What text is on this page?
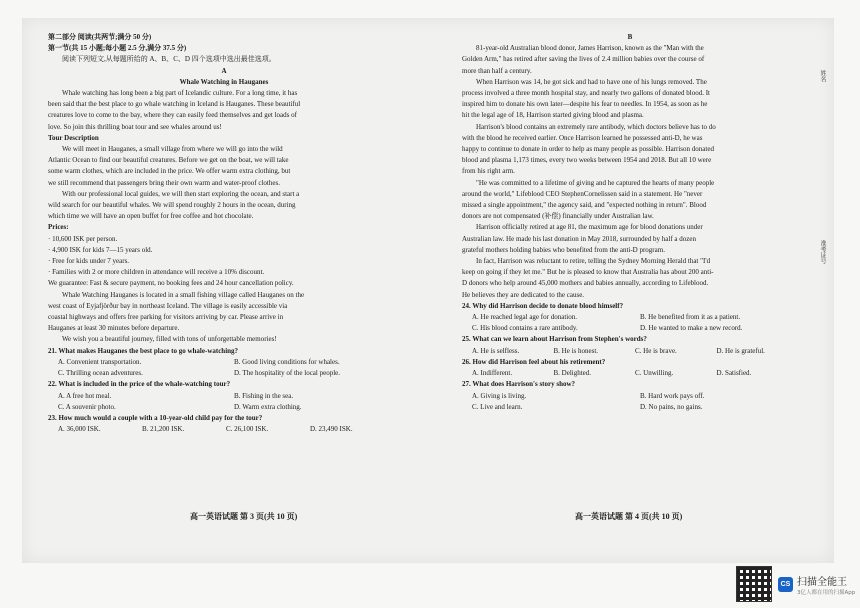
第二部分 阅读(共两节;满分 50 分)
第一节(共 15 小题;每小题 2.5 分,满分 37.5 分)
阅读下列短文,从每题所给的 A、B、C、D 四个选项中选出最佳选项。
A
Whale Watching in Hauganes
Whale watching has long been a big part of Icelandic culture. For a long time, it has
been said that the best place to go whale watching in Iceland is Hauganes. These beautiful
creatures love to come to the bay, where they can easily feed themselves and get loads of
love. So join this thrilling boat tour and see whales around us!
Tour Description
We will meet in Hauganes, a small village from where we will go into the wild
Atlantic Ocean to find our beautiful creatures. Before we get on the boat, we will take
some warm clothes, which are included in the price. We offer warm extra clothing, but
we still recommend that passengers bring their own warm and water-proof clothes.
With our professional local guides, we will then start exploring the ocean, and start a
wild search for our beautiful whales. We will spend roughly 2 hours in the ocean, during
which time we will have an open buffet for free coffee and hot chocolate.
Prices:
· 10,600 ISK per person.
· 4,900 ISK for kids 7—15 years old.
· Free for kids under 7 years.
· Families with 2 or more children in attendance will receive a 10% discount.
We guarantee: Fast & secure payment, no booking fees and 24 hour cancellation policy.
Whale Watching Hauganes is located in a small fishing village called Hauganes on the
west coast of Eyjafjörður bay in northeast Iceland. The village is easily accessible via
coastal highways and offers free parking for visitors arriving by car. Please arrive in
Hauganes at least 30 minutes before departure.
We wish you a beautiful journey, filled with tons of unforgettable memories!
21. What makes Hauganes the best place to go whale-watching?
A. Convenient transportation.	B. Good living conditions for whales.
C. Thrilling ocean adventures.	D. The hospitality of the local people.
22. What is included in the price of the whale-watching tour?
A. A free hot meal.	B. Fishing in the sea.
C. A souvenir photo.	D. Warm extra clothing.
23. How much would a couple with a 10-year-old child pay for the tour?
A. 36,000 ISK.	B. 21,200 ISK.	C. 26,100 ISK.	D. 23,490 ISK.
B
81-year-old Australian blood donor, James Harrison, known as the "Man with the
Golden Arm," has retired after saving the lives of 2.4 million babies over the course of
more than half a century.
When Harrison was 14, he got sick and had to have one of his lungs removed. The
process involved a three month hospital stay, and nearly two gallons of donated blood. It
inspired him to donate his own later—despite his fear to needles. In 1954, as soon as he
hit the legal age of 18, Harrison started giving blood and plasma.
Harrison's blood contains an extremely rare antibody, which doctors believe has to do
with the blood he received earlier. Once Harrison learned he possessed anti-D, he was
happy to continue to donate in order to help as many people as possible. Harrison donated
blood and plasma 1,173 times, every two weeks between 1954 and 2018. But all 10 were
from his right arm.
"He was committed to a lifetime of giving and he captured the hearts of many people
around the world," Lifeblood CEO StephenCornelissen said in a statement. He "never
missed a single appointment," the agency said, and "expected nothing in return". Blood
donors are not compensated (补偿) financially under Australian law.
Harrison officially retired at age 81, the maximum age for blood donations under
Australian law. He made his last donation in May 2018, surrounded by half a dozen
grateful mothers holding babies who benefited from the anti-D program.
In fact, Harrison was reluctant to retire, telling the Sydney Morning Herald that "I'd
keep on going if they let me." But he is pleased to know that Australia has about 200 anti-
D donors who help around 45,000 mothers and babies annually, according to Lifeblood.
He believes they are dedicated to the cause.
24. Why did Harrison decide to donate blood himself?
A. He reached legal age for donation.	B. He benefited from it as a patient.
C. His blood contains a rare antibody.	D. He wanted to make a new record.
25. What can we learn about Harrison from Stephen's words?
A. He is selfless.	B. He is honest.	C. He is brave.	D. He is grateful.
26. How did Harrison feel about his retirement?
A. Indifferent.	B. Delighted.	C. Unwilling.	D. Satisfied.
27. What does Harrison's story show?
A. Giving is living.	B. Hard work pays off.
C. Live and learn.	D. No pains, no gains.
高一英语试题 第 3 页(共 10 页)	高一英语试题 第 4 页(共 10 页)
姓名
准考证号
CS 扫描全能王
3亿人都在用的扫描App
